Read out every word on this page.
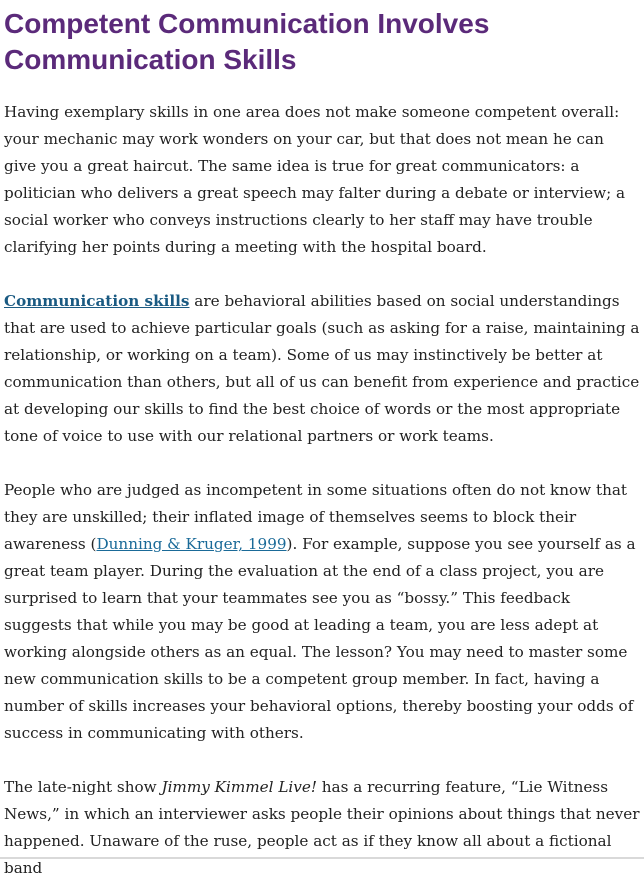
Competent Communication Involves
Communication Skills

Having exemplary skills in one area does not make someone competent overall: your mechanic may work wonders on your car, but that does not mean he can give you a great haircut. The same idea is true for great communicators: a politician who delivers a great speech may falter during a debate or interview; a social worker who conveys instructions clearly to her staff may have trouble clarifying her points during a meeting with the hospital board.

Communication skills are behavioral abilities based on social understandings that are used to achieve particular goals (such as asking for a raise, maintaining a relationship, or working on a team). Some of us may instinctively be better at communication than others, but all of us can benefit from experience and practice at developing our skills to find the best choice of words or the most appropriate tone of voice to use with our relational partners or work teams.

People who are judged as incompetent in some situations often do not know that they are unskilled; their inflated image of themselves seems to block their awareness (Dunning & Kruger, 1999). For example, suppose you see yourself as a great team player. During the evaluation at the end of a class project, you are surprised to learn that your teammates see you as “bossy.” This feedback suggests that while you may be good at leading a team, you are less adept at working alongside others as an equal. The lesson? You may need to master some new communication skills to be a competent group member. In fact, having a number of skills increases your behavioral options, thereby boosting your odds of success in communicating with others.

The late-night show Jimmy Kimmel Live! has a recurring feature, “Lie Witness News,” in which an interviewer asks people their opinions about things that never happened. Unaware of the ruse, people act as if they know all about a fictional band
